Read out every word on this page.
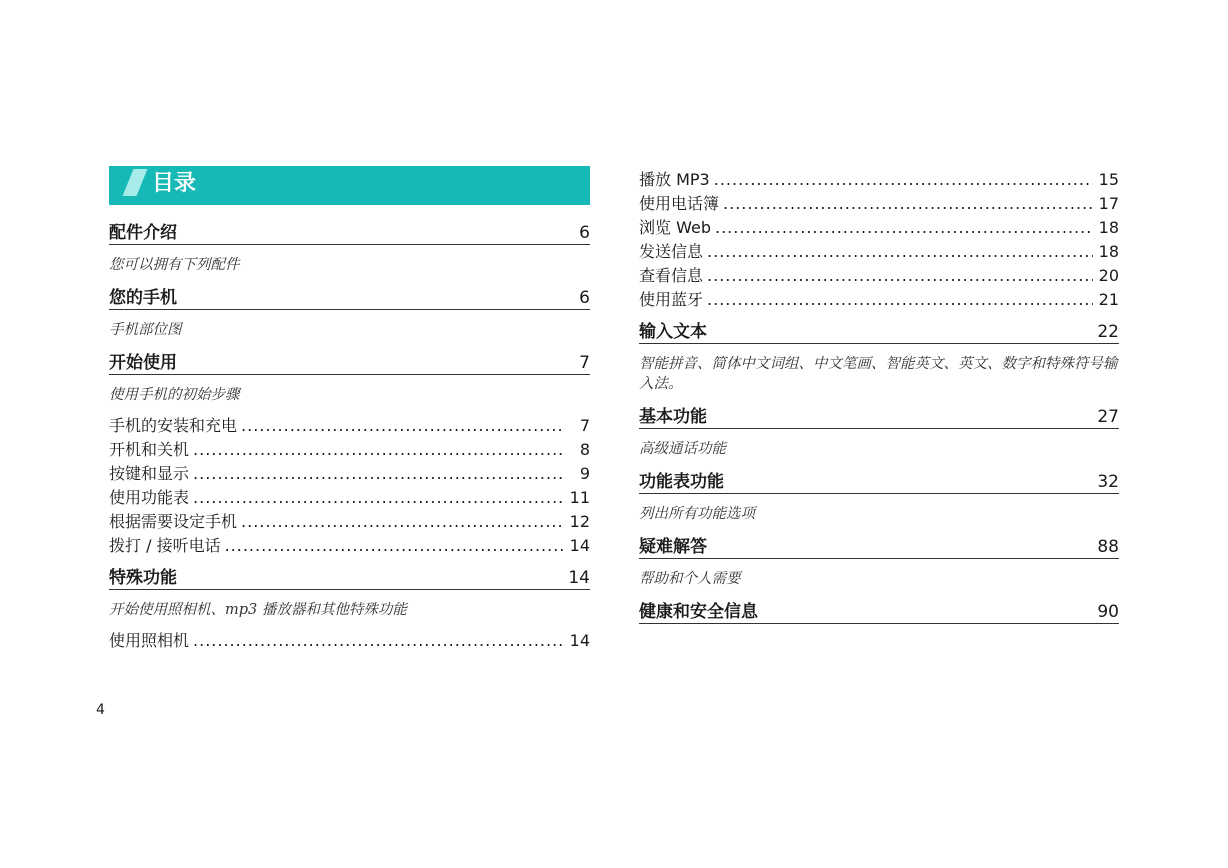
目录
配件介绍	6
您可以拥有下列配件
您的手机	6
手机部位图
开始使用	7
使用手机的初始步骤
手机的安装和充电 .....	7
开机和关机 .....	8
按键和显示 .....	9
使用功能表 .....	11
根据需要设定手机 .....	12
拨打 / 接听电话 .....	14
特殊功能	14
开始使用照相机、mp3 播放器和其他特殊功能
使用照相机 .....	14
播放 MP3 .....	15
使用电话簿 .....	17
浏览 Web .....	18
发送信息 .....	18
查看信息 .....	20
使用蓝牙 .....	21
输入文本	22
智能拼音、简体中文词组、中文笔画、智能英文、英文、数字和特殊符号输入法。
基本功能	27
高级通话功能
功能表功能	32
列出所有功能选项
疑难解答	88
帮助和个人需要
健康和安全信息	90
4
